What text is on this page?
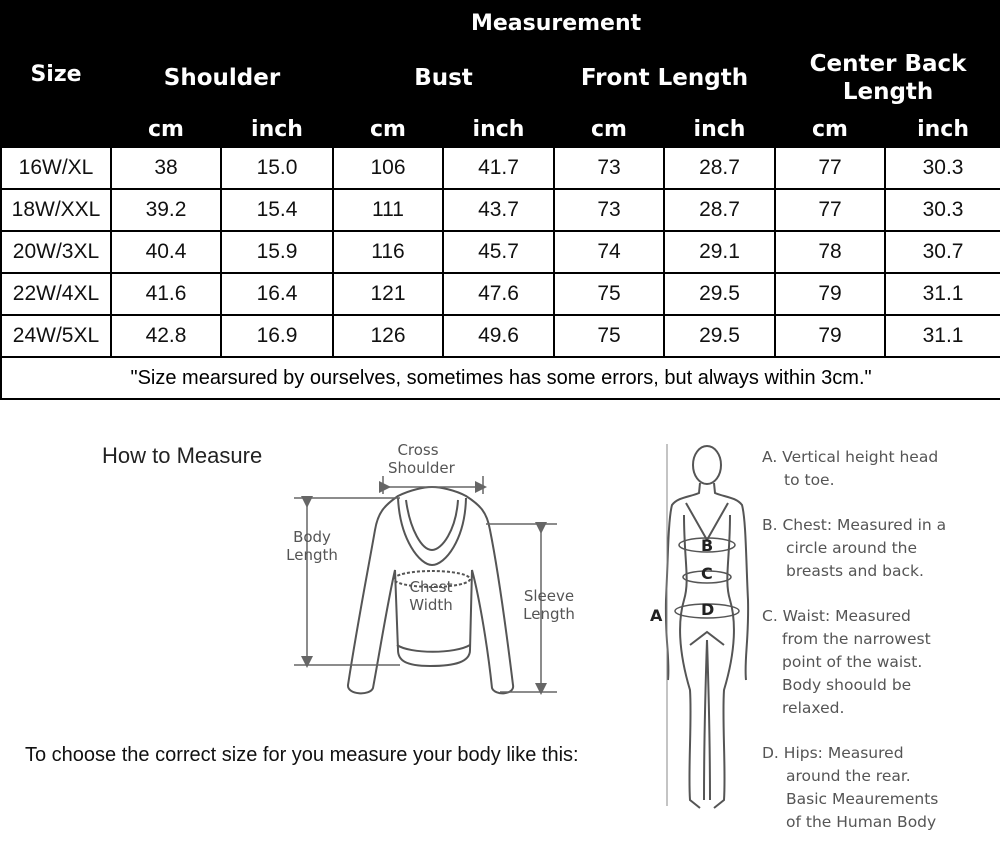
Size	Measurement							
	Shoulder		Bust		Front Length		Center Back Length	
	cm	inch	cm	inch	cm	inch	cm	inch
16W/XL	38	15.0	106	41.7	73	28.7	77	30.3
18W/XXL	39.2	15.4	111	43.7	73	28.7	77	30.3
20W/3XL	40.4	15.9	116	45.7	74	29.1	78	30.7
22W/4XL	41.6	16.4	121	47.6	75	29.5	79	31.1
24W/5XL	42.8	16.9	126	49.6	75	29.5	79	31.1
"Size mearsured by ourselves, sometimes has some errors, but always within 3cm."								
How to Measure	Cross
Shoulder
Body
Length
Chest
Width	Sleeve
Length	A
B
C
D
A. Vertical height head
to toe.
B. Chest: Measured in a
circle around the
breasts and back.
C. Waist: Measured
from the narrowest
point of the waist.
Body shoould be
relaxed.
D. Hips: Measured
around the rear.
Basic Meaurements
of the Human Body
To choose the correct size for you measure your body like this:
